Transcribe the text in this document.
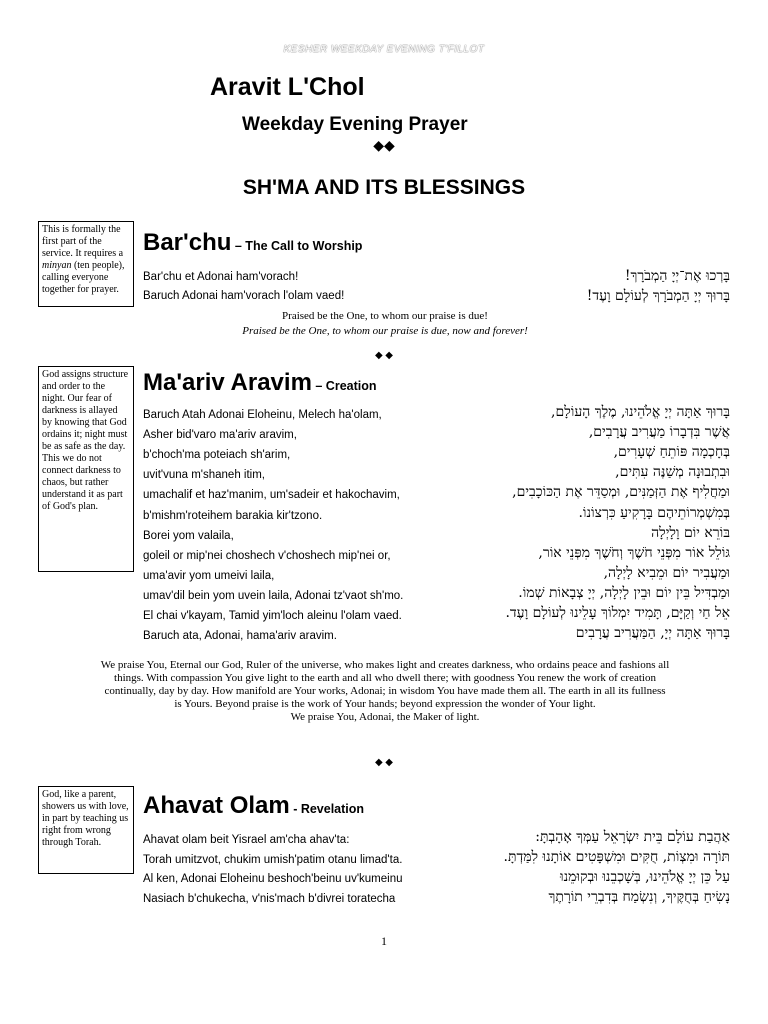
KESHER WEEKDAY EVENING T'FILLOT
Aravit L'Chol
Weekday Evening Prayer
◆◆
SH'MA AND ITS BLESSINGS
This is formally the first part of the service. It requires a minyan (ten people), calling everyone together for prayer.
Bar'chu – The Call to Worship
Bar'chu et Adonai ham'vorach!
Baruch Adonai ham'vorach l'olam vaed!
בָּרְכוּ אֶת־יְיָ הַמְבֹרָךְ!
בָּרוּךְ יְיָ הַמְבֹרָךְ לְעוֹלָם וָעֶד!
Praised be the One, to whom our praise is due!
Praised be the One, to whom our praise is due, now and forever!
◆ ◆
God assigns structure and order to the night. Our fear of darkness is allayed by knowing that God ordains it; night must be as safe as the day. This we do not connect darkness to chaos, but rather understand it as part of God's plan.
Ma'ariv Aravim – Creation
Baruch Atah Adonai Eloheinu, Melech ha'olam,
Asher bid'varo ma'ariv aravim,
b'choch'ma poteiach sh'arim,
uvit'vuna m'shaneh itim,
umachalif et haz'manim, um'sadeir et hakochavim,
b'mishm'roteihem barakia kir'tzono.
Borei yom valaila,
goleil or mip'nei choshech v'choshech mip'nei or,
uma'avir yom umeivi laila,
umav'dil bein yom uvein laila, Adonai tz'vaot sh'mo.
El chai v'kayam, Tamid yim'loch aleinu l'olam vaed.
Baruch ata, Adonai, hama'ariv aravim.
בָּרוּךְ אַתָּה יְיָ אֱלֹהֵינוּ, מֶלֶךְ הָעוֹלָם,
אֲשֶׁר בִּדְבָרוֹ מַעֲרִיב עֲרָבִים,
בְּחָכְמָה פּוֹתֵחַ שְׁעָרִים,
וּבִתְבוּנָה מְשַׁנֶּה עִתִּים,
וּמַחֲלִיף אֶת הַזְּמַנִּים, וּמְסַדֵּר אֶת הַכּוֹכָבִים,
בְּמִשְׁמְרוֹתֵיהֶם בָּרָקִיעַ כִּרְצוֹנוֹ.
בּוֹרֵא יוֹם וָלָיְלָה
גּוֹלֵל אוֹר מִפְּנֵי חֹשֶׁךְ וְחֹשֶׁךְ מִפְּנֵי אוֹר,
וּמַעֲבִיר יוֹם וּמֵבִיא לָיְלָה,
וּמַבְדִּיל בֵּין יוֹם וּבֵין לָיְלָה, יְיָ צְבָאוֹת שְׁמוֹ.
אֵל חַי וְקַיָּם, תָּמִיד יִמְלוֹךְ עָלֵינוּ לְעוֹלָם וָעֶד.
בָּרוּךְ אַתָּה יְיָ, הַמַּעֲרִיב עֲרָבִים
We praise You, Eternal our God, Ruler of the universe, who makes light and creates darkness, who ordains peace and fashions all
things. With compassion You give light to the earth and all who dwell there; with goodness You renew the work of creation
continually, day by day. How manifold are Your works, Adonai; in wisdom You have made them all. The earth in all its fullness
is Yours. Beyond praise is the work of Your hands; beyond expression the wonder of Your light.
We praise You, Adonai, the Maker of light.
◆ ◆
God, like a parent, showers us with love, in part by teaching us right from wrong through Torah.
Ahavat Olam - Revelation
Ahavat olam beit Yisrael am'cha ahav'ta:
Torah umitzvot, chukim umish'patim otanu limad'ta.
Al ken, Adonai Eloheinu beshoch'beinu uv'kumeinu
Nasiach b'chukecha, v'nis'mach b'divrei toratecha
אַהֲבַת עוֹלָם בֵּית יִשְׂרָאֵל עַמְּךָ אָהָבְתָּ:
תּוֹרָה וּמִצְוֹת, חֻקִּים וּמִשְׁפָּטִים אוֹתָנוּ לִמַּדְתָּ.
עַל כֵּן יְיָ אֱלֹהֵינוּ, בְּשָׁכְבֵנוּ וּבְקוּמֵנוּ
נָשִׂיחַ בְּחֻקֶּיךָ, וְנִשְׂמַח בְּדִבְרֵי תוֹרָתֶךָ
1
